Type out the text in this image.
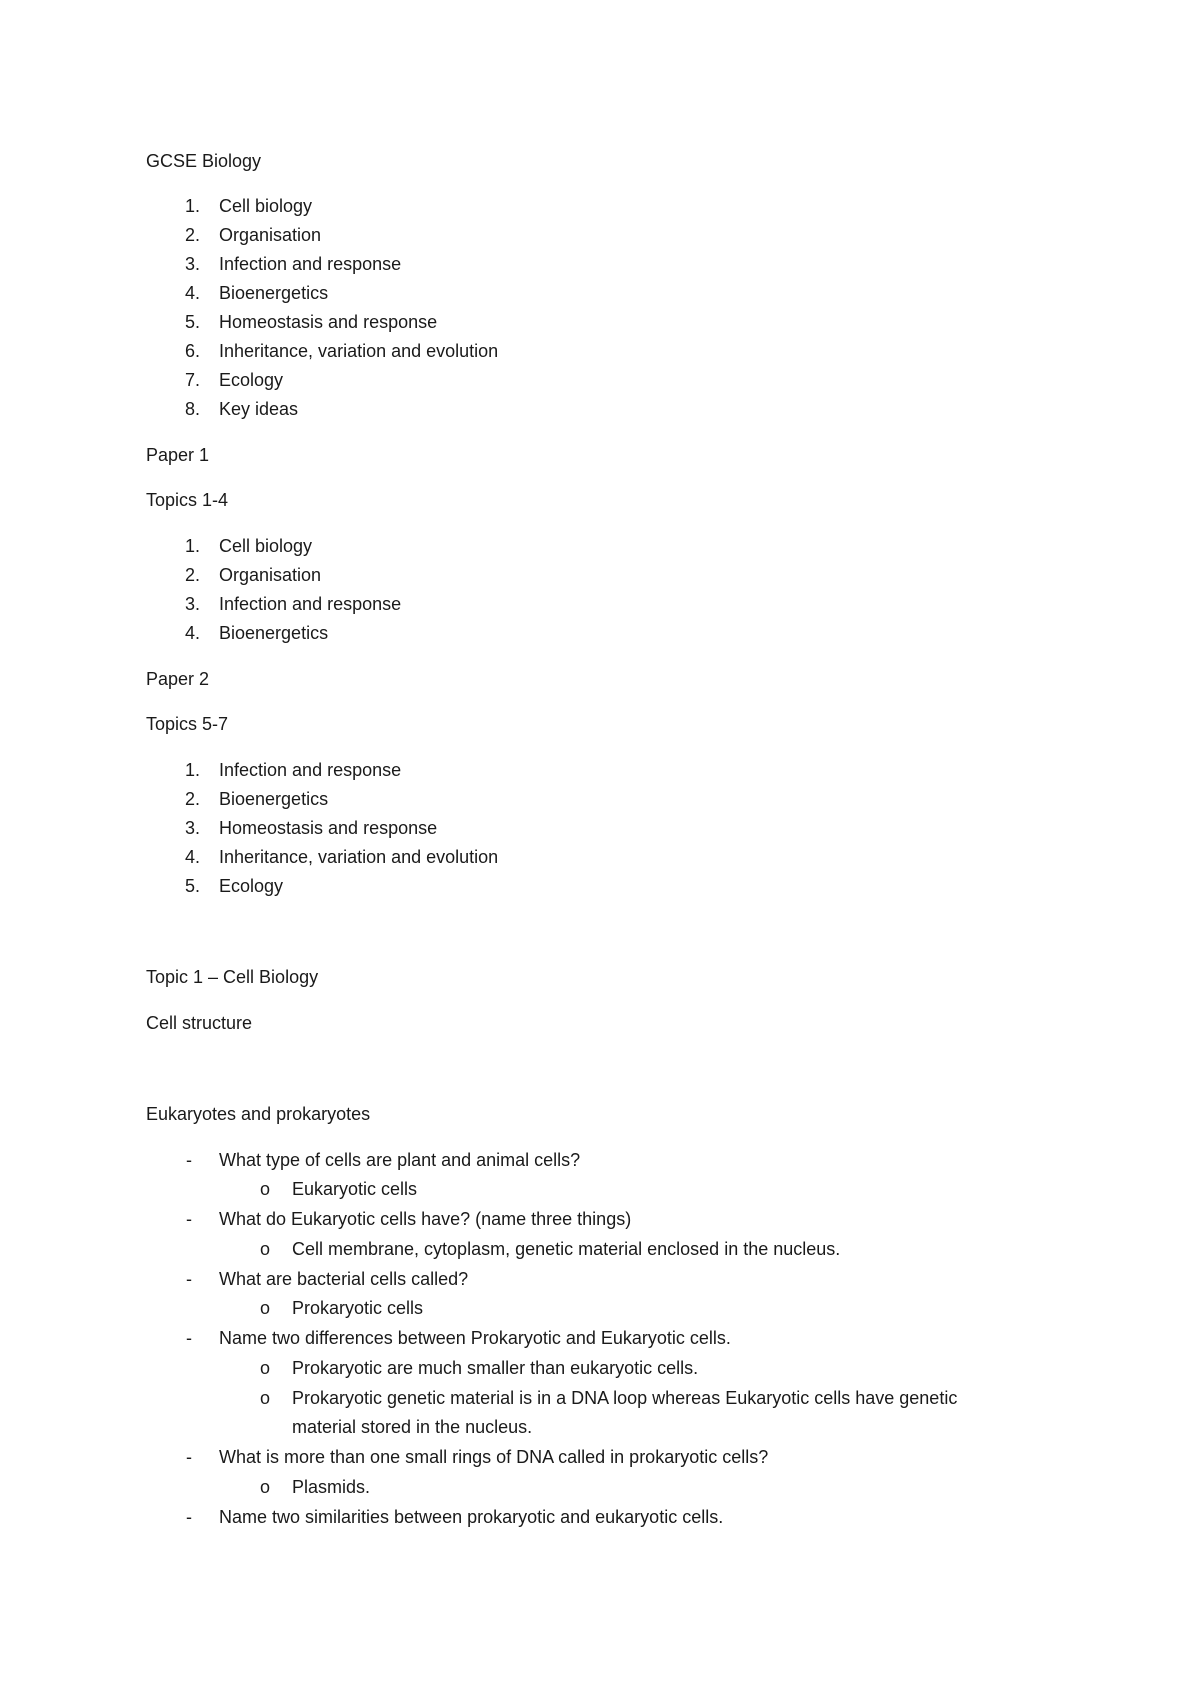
GCSE Biology
1. Cell biology
2. Organisation
3. Infection and response
4. Bioenergetics
5. Homeostasis and response
6. Inheritance, variation and evolution
7. Ecology
8. Key ideas
Paper 1
Topics 1-4
1. Cell biology
2. Organisation
3. Infection and response
4. Bioenergetics
Paper 2
Topics 5-7
1. Infection and response
2. Bioenergetics
3. Homeostasis and response
4. Inheritance, variation and evolution
5. Ecology
Topic 1 – Cell Biology
Cell structure
Eukaryotes and prokaryotes
- What type of cells are plant and animal cells?
o Eukaryotic cells
- What do Eukaryotic cells have? (name three things)
o Cell membrane, cytoplasm, genetic material enclosed in the nucleus.
- What are bacterial cells called?
o Prokaryotic cells
- Name two differences between Prokaryotic and Eukaryotic cells.
o Prokaryotic are much smaller than eukaryotic cells.
o Prokaryotic genetic material is in a DNA loop whereas Eukaryotic cells have genetic
material stored in the nucleus.
- What is more than one small rings of DNA called in prokaryotic cells?
o Plasmids.
- Name two similarities between prokaryotic and eukaryotic cells.
